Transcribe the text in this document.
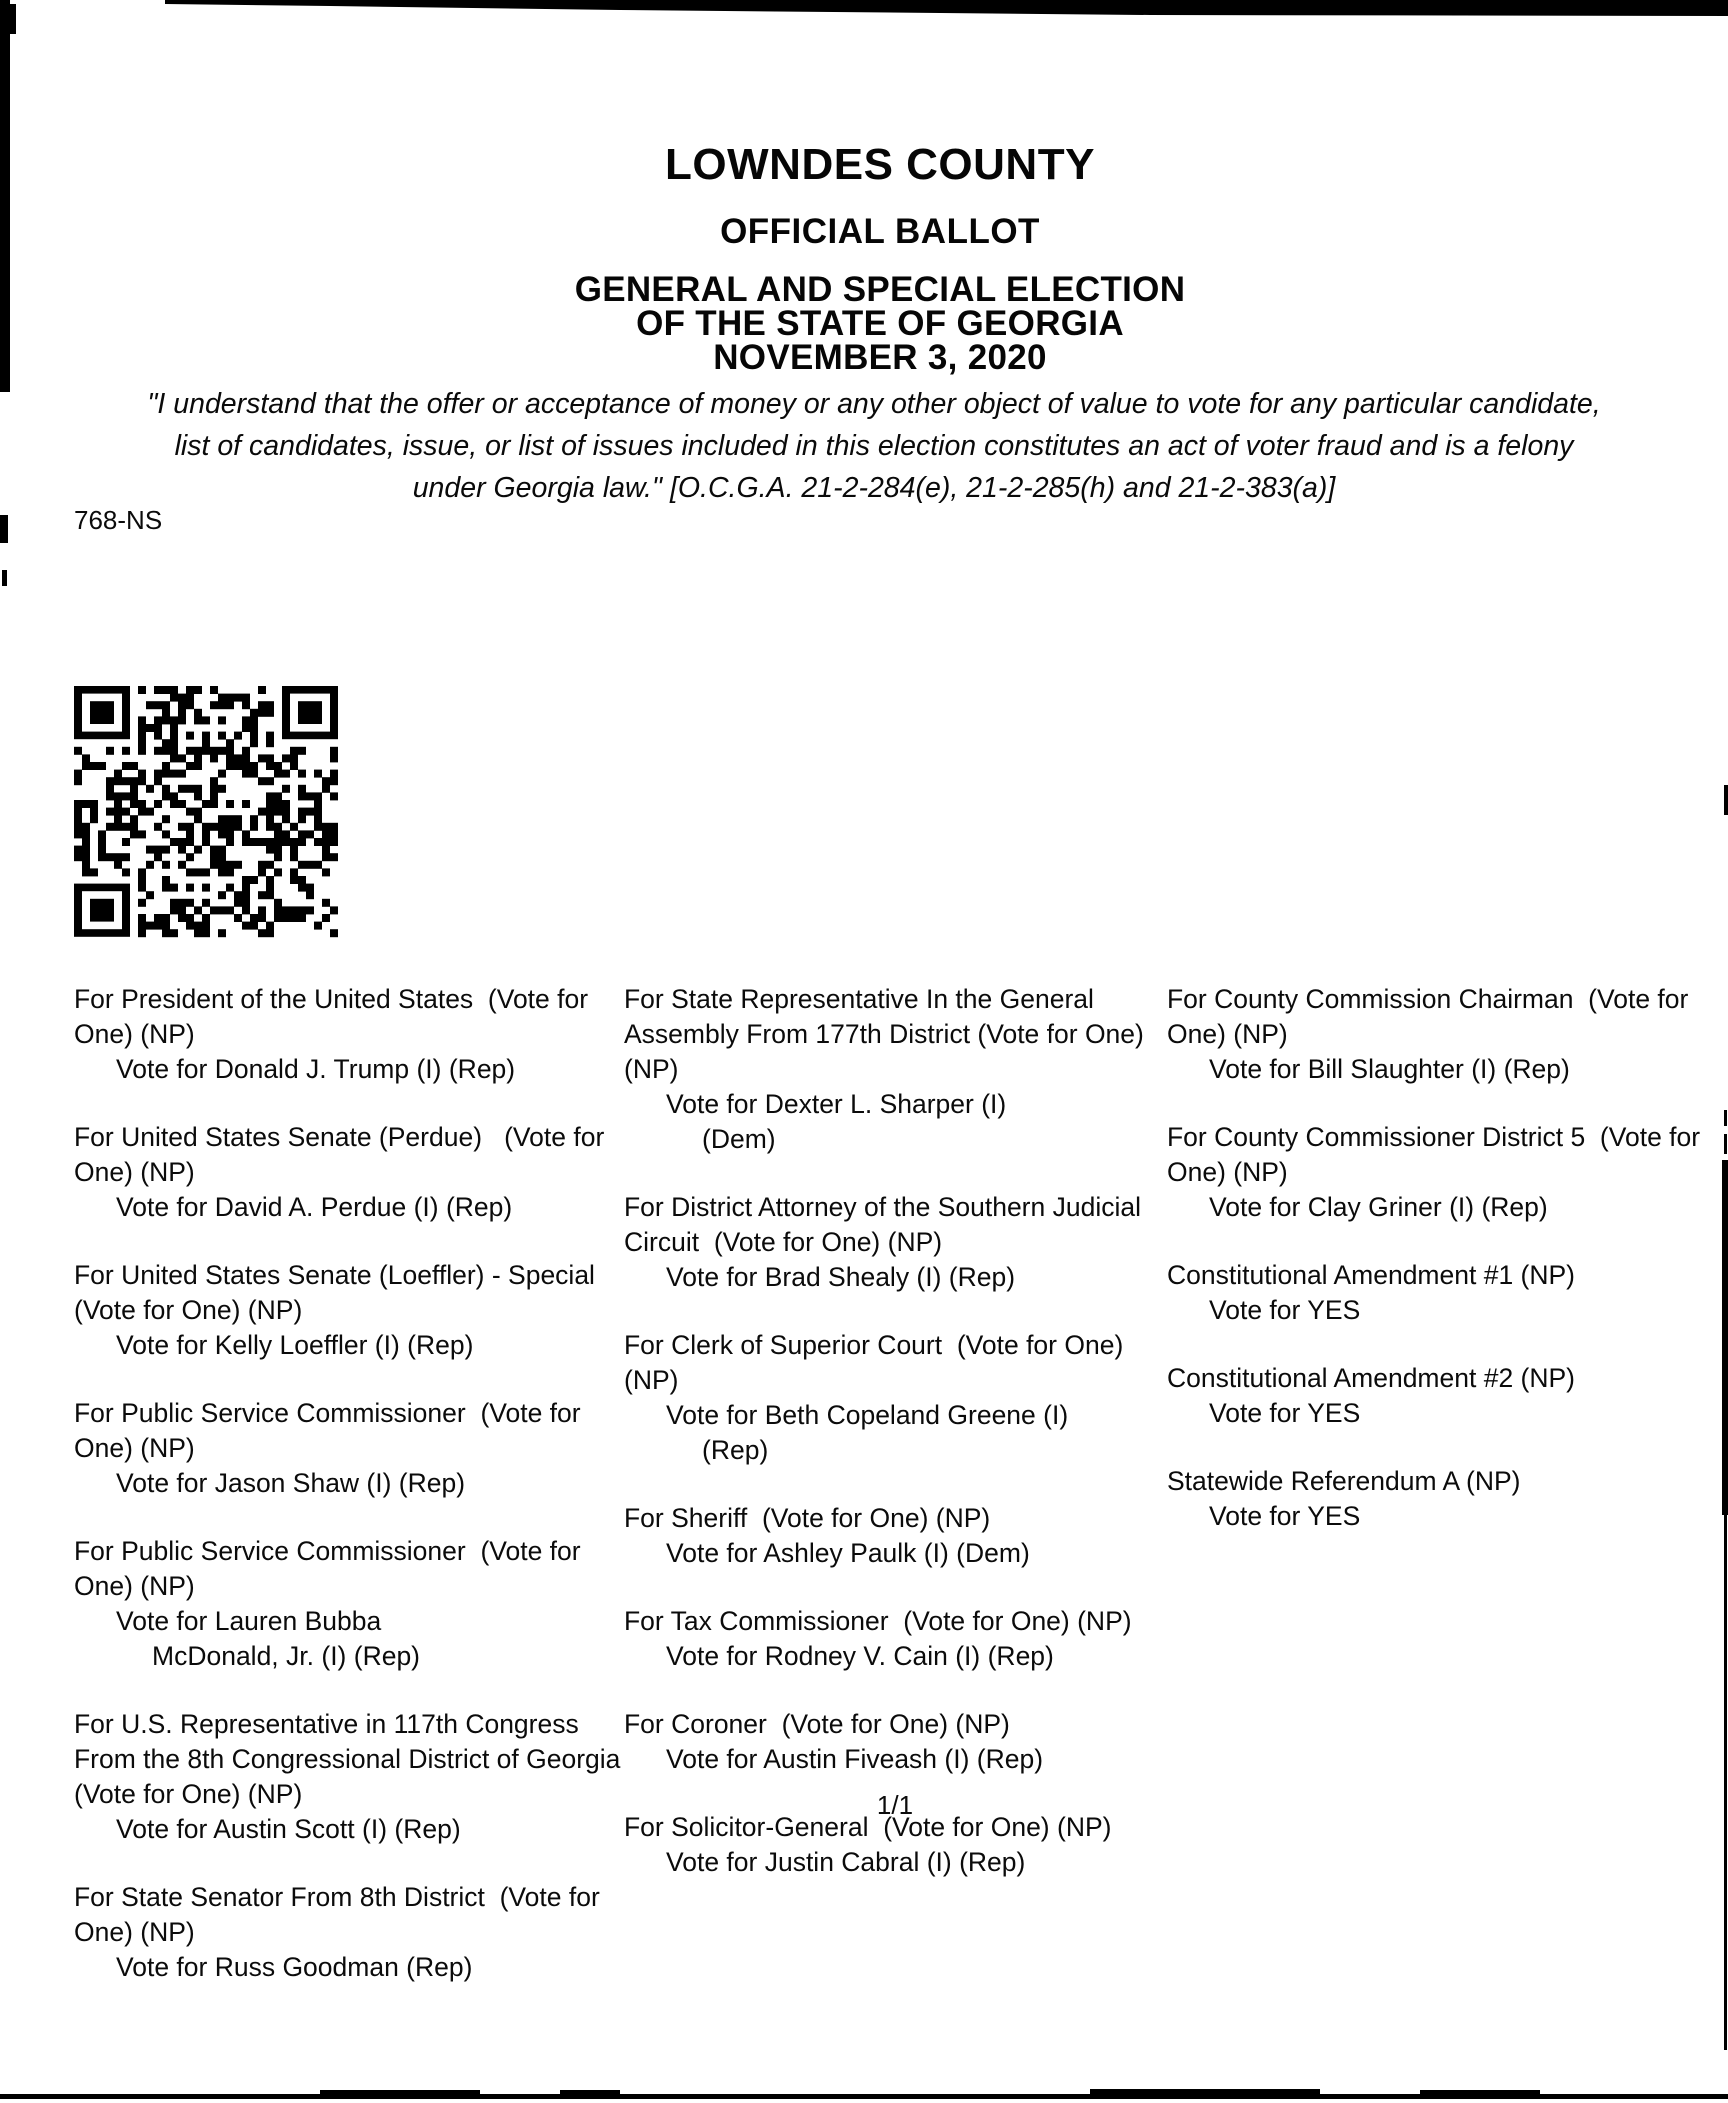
LOWNDES COUNTY
OFFICIAL BALLOT
GENERAL AND SPECIAL ELECTION
OF THE STATE OF GEORGIA
NOVEMBER 3, 2020
"I understand that the offer or acceptance of money or any other object of value to vote for any particular candidate,
list of candidates, issue, or list of issues included in this election constitutes an act of voter fraud and is a felony
under Georgia law." [O.C.G.A. 21-2-284(e), 21-2-285(h) and 21-2-383(a)]
768-NS
For President of the United States  (Vote for One) (NP)
Vote for Donald J. Trump (I) (Rep)
For United States Senate (Perdue)   (Vote for One) (NP)
Vote for David A. Perdue (I) (Rep)
For United States Senate (Loeffler) - Special  (Vote for One) (NP)
Vote for Kelly Loeffler (I) (Rep)
For Public Service Commissioner  (Vote for One) (NP)
Vote for Jason Shaw (I) (Rep)
For Public Service Commissioner  (Vote for One) (NP)
Vote for Lauren Bubba
McDonald, Jr. (I) (Rep)
For U.S. Representative in 117th Congress From the 8th Congressional District of Georgia (Vote for One) (NP)
Vote for Austin Scott (I) (Rep)
For State Senator From 8th District  (Vote for One) (NP)
Vote for Russ Goodman (Rep)
For State Representative In the General Assembly From 177th District (Vote for One) (NP)
Vote for Dexter L. Sharper (I)
(Dem)
For District Attorney of the Southern Judicial Circuit  (Vote for One) (NP)
Vote for Brad Shealy (I) (Rep)
For Clerk of Superior Court  (Vote for One) (NP)
Vote for Beth Copeland Greene (I)
(Rep)
For Sheriff  (Vote for One) (NP)
Vote for Ashley Paulk (I) (Dem)
For Tax Commissioner  (Vote for One) (NP)
Vote for Rodney V. Cain (I) (Rep)
For Coroner  (Vote for One) (NP)
Vote for Austin Fiveash (I) (Rep)
For Solicitor-General  (Vote for One) (NP)
Vote for Justin Cabral (I) (Rep)
For County Commission Chairman  (Vote for One) (NP)
Vote for Bill Slaughter (I) (Rep)
For County Commissioner District 5  (Vote for One) (NP)
Vote for Clay Griner (I) (Rep)
Constitutional Amendment #1 (NP)
Vote for YES
Constitutional Amendment #2 (NP)
Vote for YES
Statewide Referendum A (NP)
Vote for YES
1/1
